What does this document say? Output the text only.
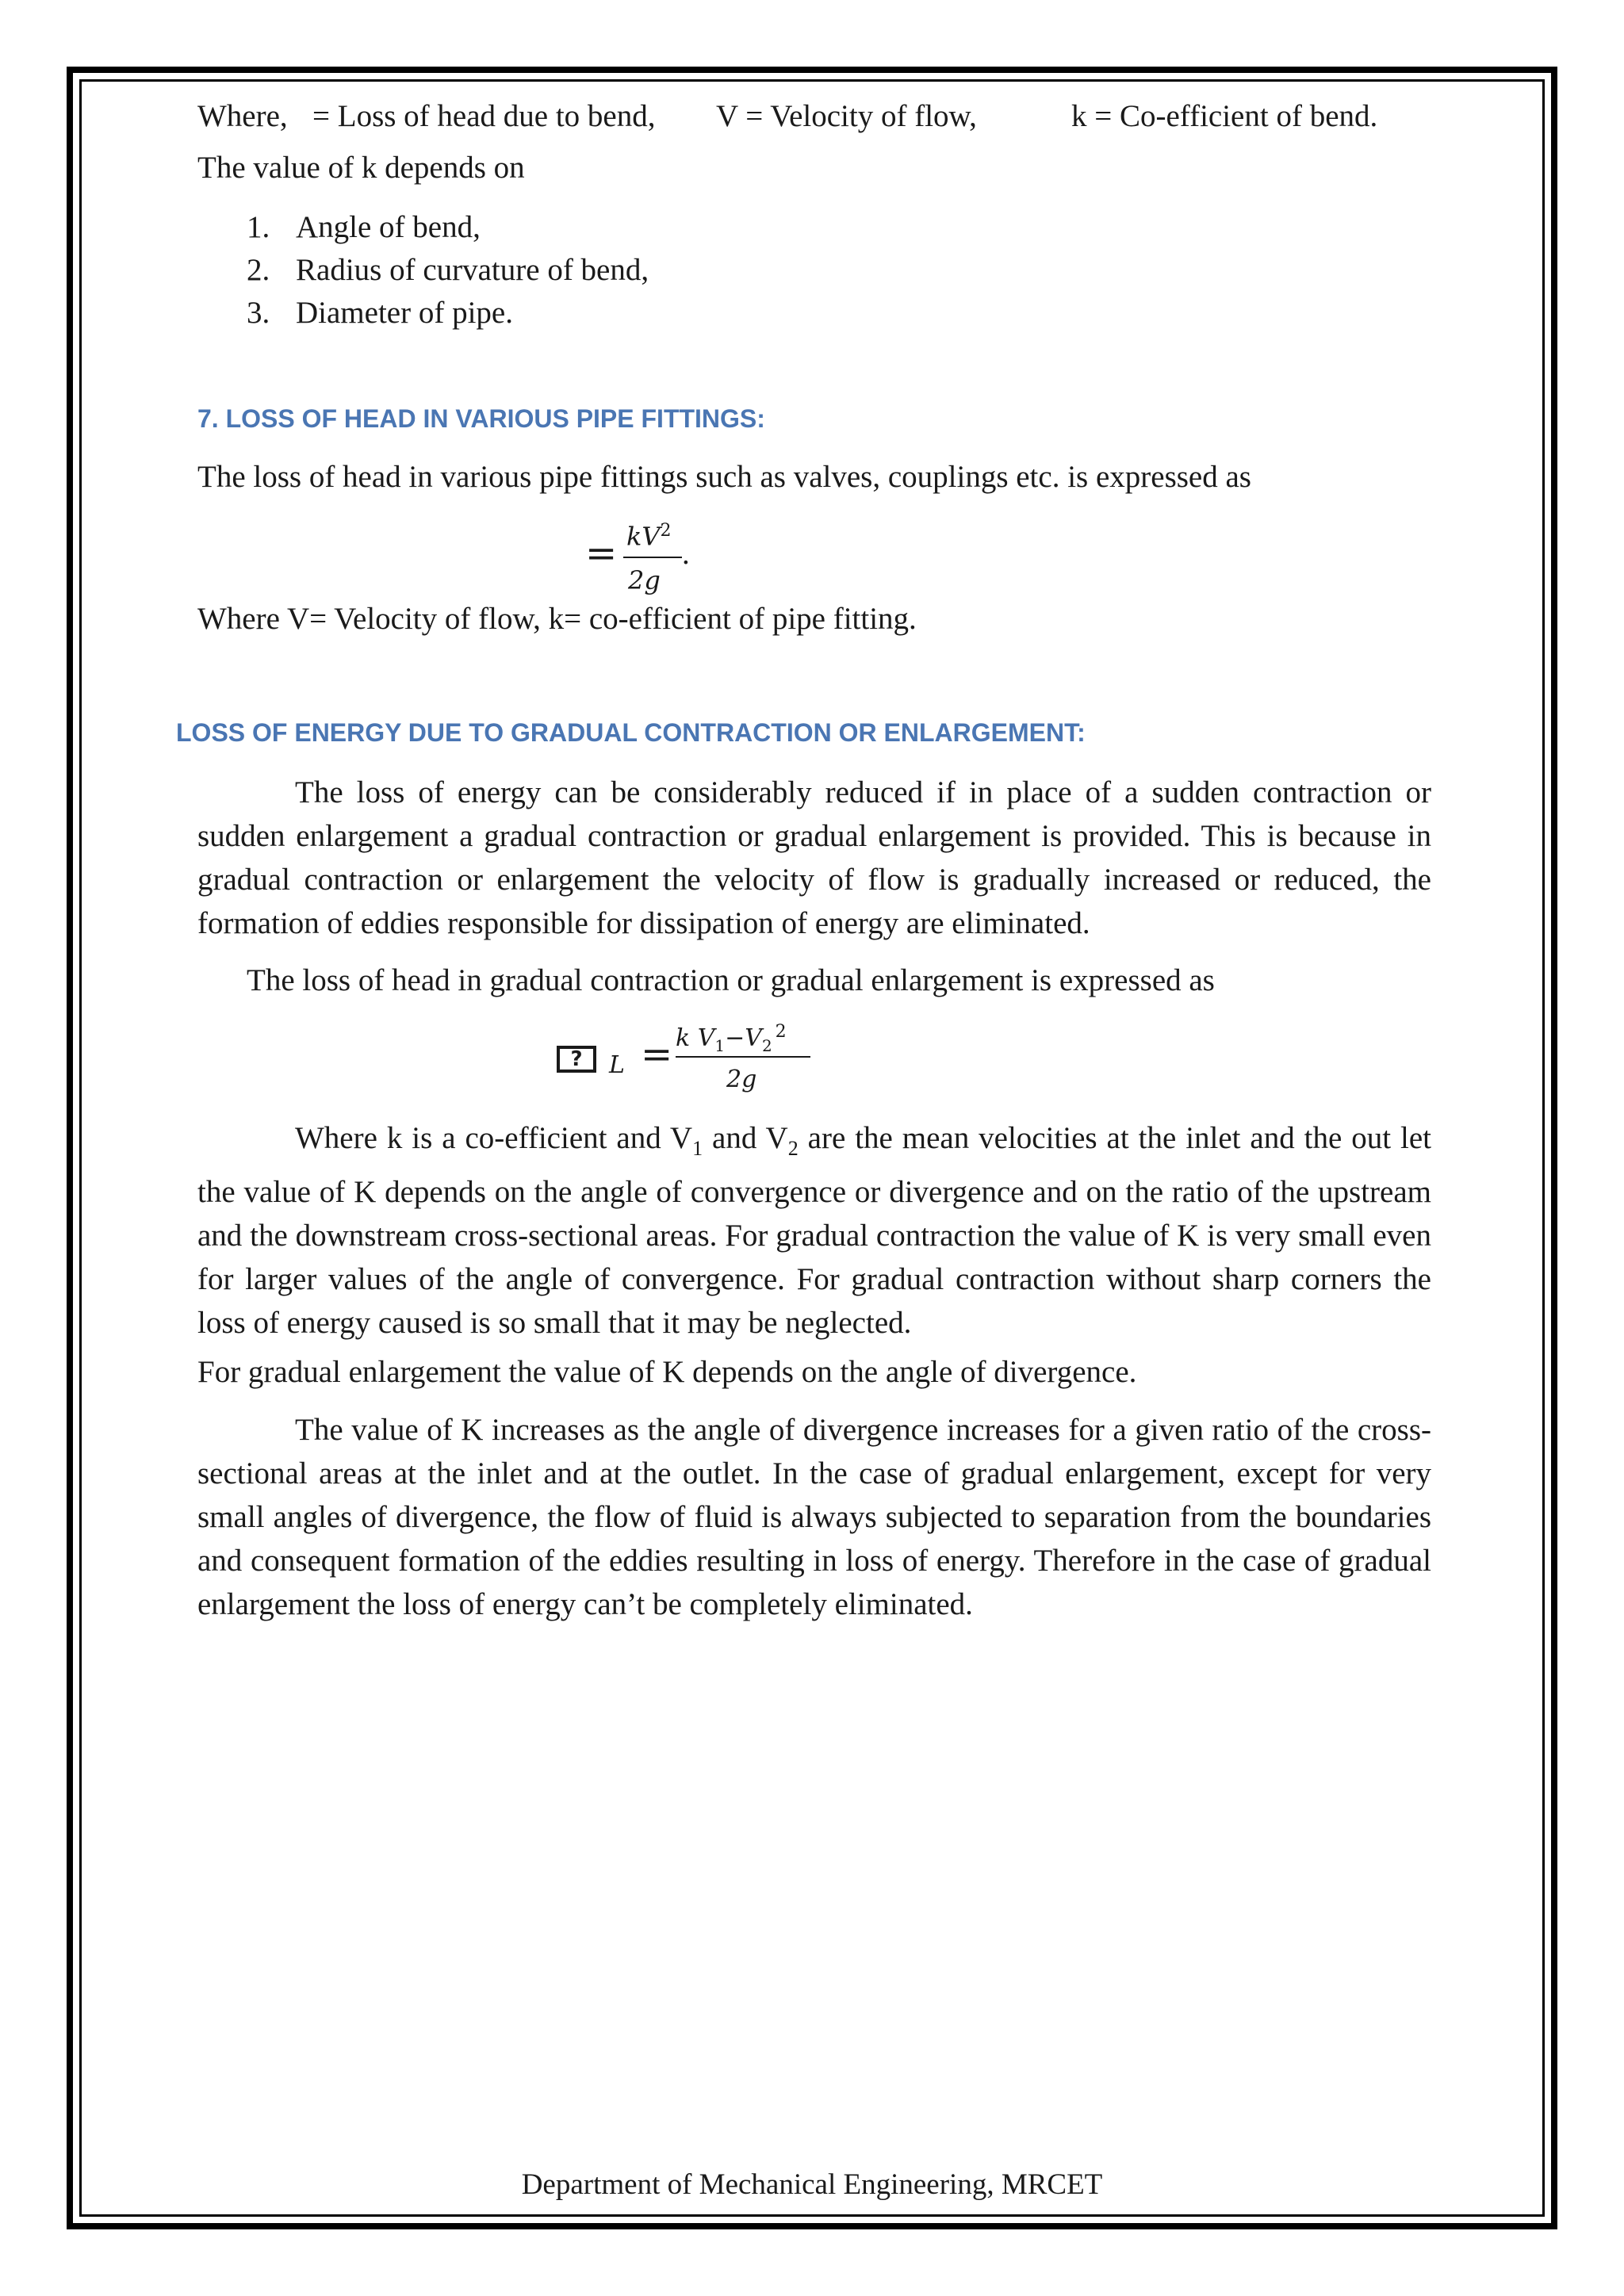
Where, = Loss of head due to bend, V = Velocity of flow,	k = Co-efficient of bend.
The value of k depends on
1. Angle of bend,
2. Radius of curvature of bend,
3. Diameter of pipe.
7. LOSS OF HEAD IN VARIOUS PIPE FITTINGS:
The loss of head in various pipe fittings such as valves, couplings etc. is expressed as
= $kV^2$
2g
.
Where V= Velocity of flow, k= co-efficient of pipe fitting.
LOSS OF ENERGY DUE TO GRADUAL CONTRACTION OR ENLARGEMENT:
The loss of energy can be considerably reduced if in place of a sudden contraction or sudden enlargement a gradual contraction or gradual enlargement is provided. This is because in gradual contraction or enlargement the velocity of flow is gradually increased or reduced, the formation of eddies responsible for dissipation of energy are eliminated.
The loss of head in gradual contraction or gradual enlargement is expressed as
?	L = k $V_1-V_2^2$
2g
Where k is a co-efficient and $V_1$ and $V_2$ are the mean velocities at the inlet and the out let the value of K depends on the angle of convergence or divergence and on the ratio of the upstream and the downstream cross-sectional areas. For gradual contraction the value of K is very small even for larger values of the angle of convergence. For gradual contraction without sharp corners the loss of energy caused is so small that it may be neglected.
For gradual enlargement the value of K depends on the angle of divergence.
The value of K increases as the angle of divergence increases for a given ratio of the cross-sectional areas at the inlet and at the outlet. In the case of gradual enlargement, except for very small angles of divergence, the flow of fluid is always subjected to separation from the boundaries and consequent formation of the eddies resulting in loss of energy. Therefore in the case of gradual enlargement the loss of energy can’t be completely eliminated.
Department of Mechanical Engineering, MRCET
